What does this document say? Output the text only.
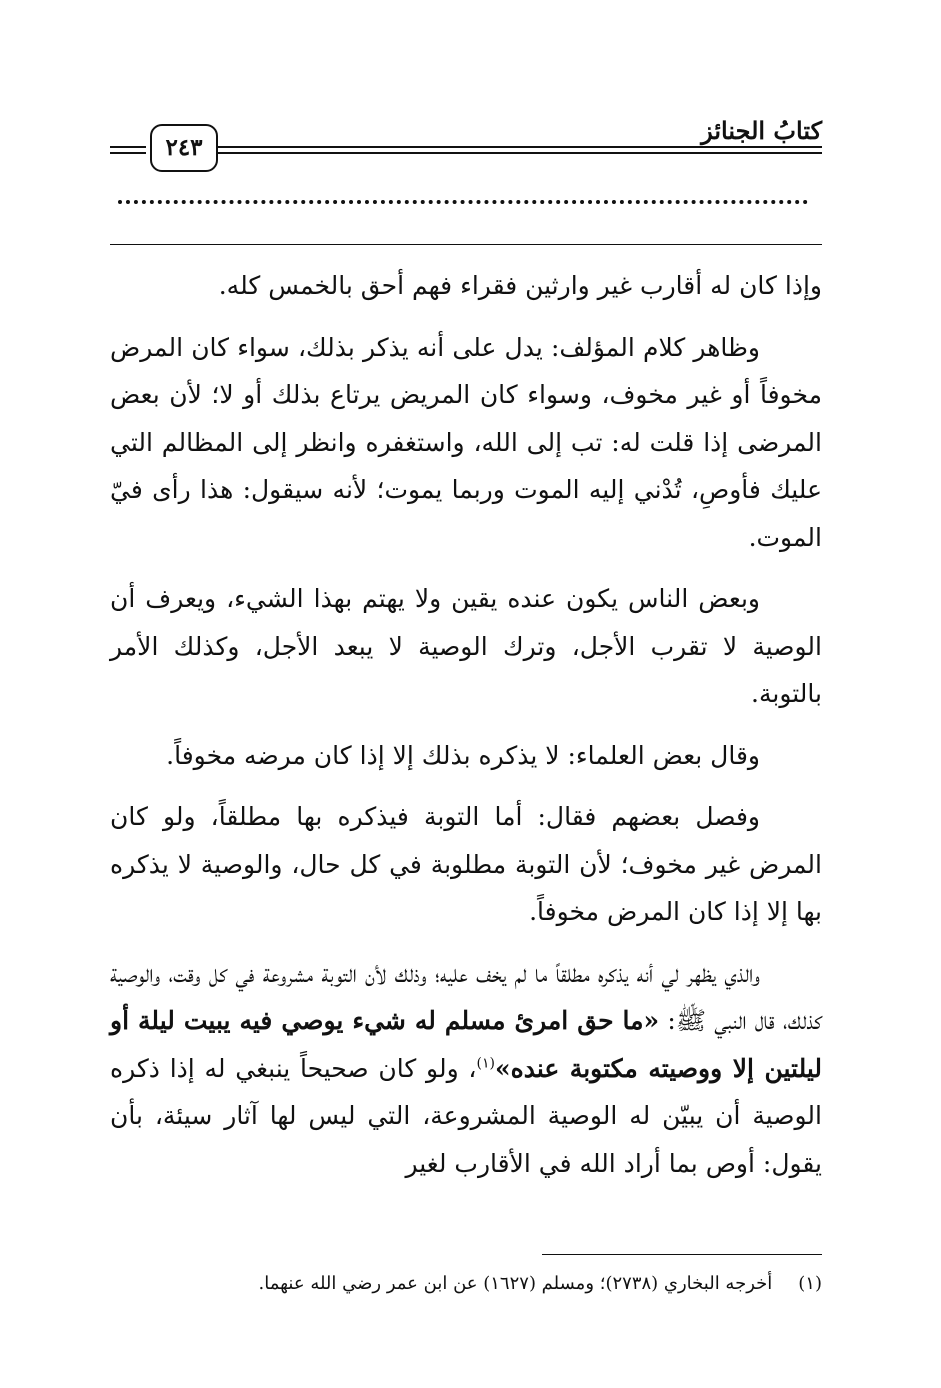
كتابُ الجنائز
٢٤٣

وإذا كان له أقارب غير وارثين فقراء فهم أحق بالخمس كله.

وظاهر كلام المؤلف: يدل على أنه يذكر بذلك، سواء كان المرض مخوفاً أو غير مخوف، وسواء كان المريض يرتاع بذلك أو لا؛ لأن بعض المرضى إذا قلت له: تب إلى الله، واستغفره وانظر إلى المظالم التي عليك فأوصِ، تُدْني إليه الموت وربما يموت؛ لأنه سيقول: هذا رأى فيّ الموت.

وبعض الناس يكون عنده يقين ولا يهتم بهذا الشيء، ويعرف أن الوصية لا تقرب الأجل، وترك الوصية لا يبعد الأجل، وكذلك الأمر بالتوبة.

وقال بعض العلماء: لا يذكره بذلك إلا إذا كان مرضه مخوفاً.

وفصل بعضهم فقال: أما التوبة فيذكره بها مطلقاً، ولو كان المرض غير مخوف؛ لأن التوبة مطلوبة في كل حال، والوصية لا يذكره بها إلا إذا كان المرض مخوفاً.

والذي يظهر لي أنه يذكره مطلقاً ما لم يخف عليه؛ وذلك لأن التوبة مشروعة في كل وقت، والوصية كذلك، قال النبي ﷺ: «ما حق امرئ مسلم له شيء يوصي فيه يبيت ليلة أو ليلتين إلا ووصيته مكتوبة عنده»$^{(١)}$، ولو كان صحيحاً ينبغي له إذا ذكره الوصية أن يبيّن له الوصية المشروعة، التي ليس لها آثار سيئة، بأن يقول: أوص بما أراد الله في الأقارب لغير

(١)أخرجه البخاري (٢٧٣٨)؛ ومسلم (١٦٢٧) عن ابن عمر رضي الله عنهما.
